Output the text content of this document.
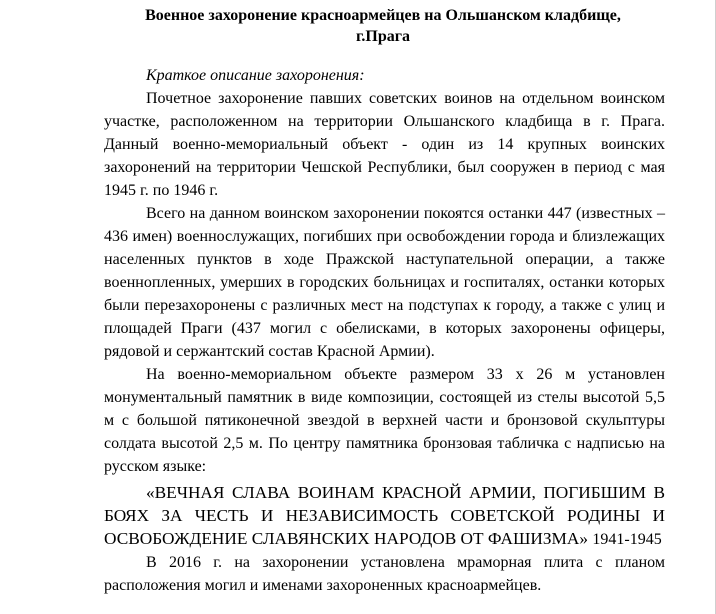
Военное захоронение красноармейцев на Ольшанском кладбище,
г.Прага

Краткое описание захоронения:

Почетное захоронение павших советских воинов на отдельном воинском участке, расположенном на территории Ольшанского кладбища в г. Прага. Данный военно-мемориальный объект - один из 14 крупных воинских захоронений на территории Чешской Республики, был сооружен в период с мая 1945 г. по 1946 г.

Всего на данном воинском захоронении покоятся останки 447 (известных – 436 имен) военнослужащих, погибших при освобождении города и близлежащих населенных пунктов в ходе Пражской наступательной операции, а также военнопленных, умерших в городских больницах и госпиталях, останки которых были перезахоронены с различных мест на подступах к городу, а также с улиц и площадей Праги (437 могил с обелисками, в которых захоронены офицеры, рядовой и сержантский состав Красной Армии).

На военно-мемориальном объекте размером 33 х 26 м установлен монументальный памятник в виде композиции, состоящей из стелы высотой 5,5 м с большой пятиконечной звездой в верхней части и бронзовой скульптуры солдата высотой 2,5 м. По центру памятника бронзовая табличка с надписью на русском языке:

«ВЕЧНАЯ СЛАВА ВОИНАМ КРАСНОЙ АРМИИ, ПОГИБШИМ В БОЯХ ЗА ЧЕСТЬ И НЕЗАВИСИМОСТЬ СОВЕТСКОЙ РОДИНЫ И ОСВОБОЖДЕНИЕ СЛАВЯНСКИХ НАРОДОВ ОТ ФАШИЗМА» 1941-1945

В 2016 г. на захоронении установлена мраморная плита с планом расположения могил и именами захороненных красноармейцев.
